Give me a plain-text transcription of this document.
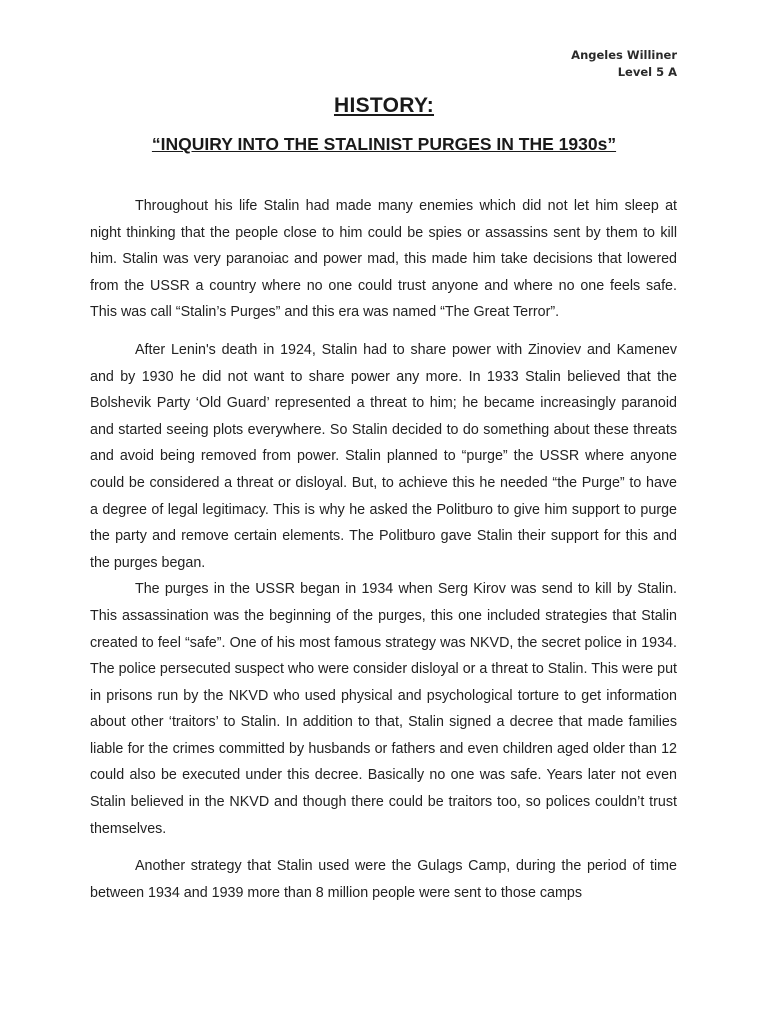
Angeles Williner
Level 5 A
HISTORY:
“INQUIRY INTO THE STALINIST PURGES IN THE 1930s”

Throughout his life Stalin had made many enemies which did not let him sleep at night thinking that the people close to him could be spies or assassins sent by them to kill him. Stalin was very paranoiac and power mad, this made him take decisions that lowered from the USSR a country where no one could trust anyone and where no one feels safe. This was call “Stalin’s Purges” and this era was named “The Great Terror”.

After Lenin's death in 1924, Stalin had to share power with Zinoviev and Kamenev and by 1930 he did not want to share power any more. In 1933 Stalin believed that the Bolshevik Party ‘Old Guard’ represented a threat to him; he became increasingly paranoid and started seeing plots everywhere. So Stalin decided to do something about these threats and avoid being removed from power. Stalin planned to “purge” the USSR where anyone could be considered a threat or disloyal. But, to achieve this he needed “the Purge” to have a degree of legal legitimacy. This is why he asked the Politburo to give him support to purge the party and remove certain elements. The Politburo gave Stalin their support for this and the purges began.

The purges in the USSR began in 1934 when Serg Kirov was send to kill by Stalin. This assassination was the beginning of the purges, this one included strategies that Stalin created to feel “safe”. One of his most famous strategy was NKVD, the secret police in 1934. The police persecuted suspect who were consider disloyal or a threat to Stalin. This were put in prisons run by the NKVD who used physical and psychological torture to get information about other ‘traitors’ to Stalin. In addition to that, Stalin signed a decree that made families liable for the crimes committed by husbands or fathers and even children aged older than 12 could also be executed under this decree. Basically no one was safe. Years later not even Stalin believed in the NKVD and though there could be traitors too, so polices couldn’t trust themselves.

Another strategy that Stalin used were the Gulags Camp, during the period of time between 1934 and 1939 more than 8 million people were sent to those camps
